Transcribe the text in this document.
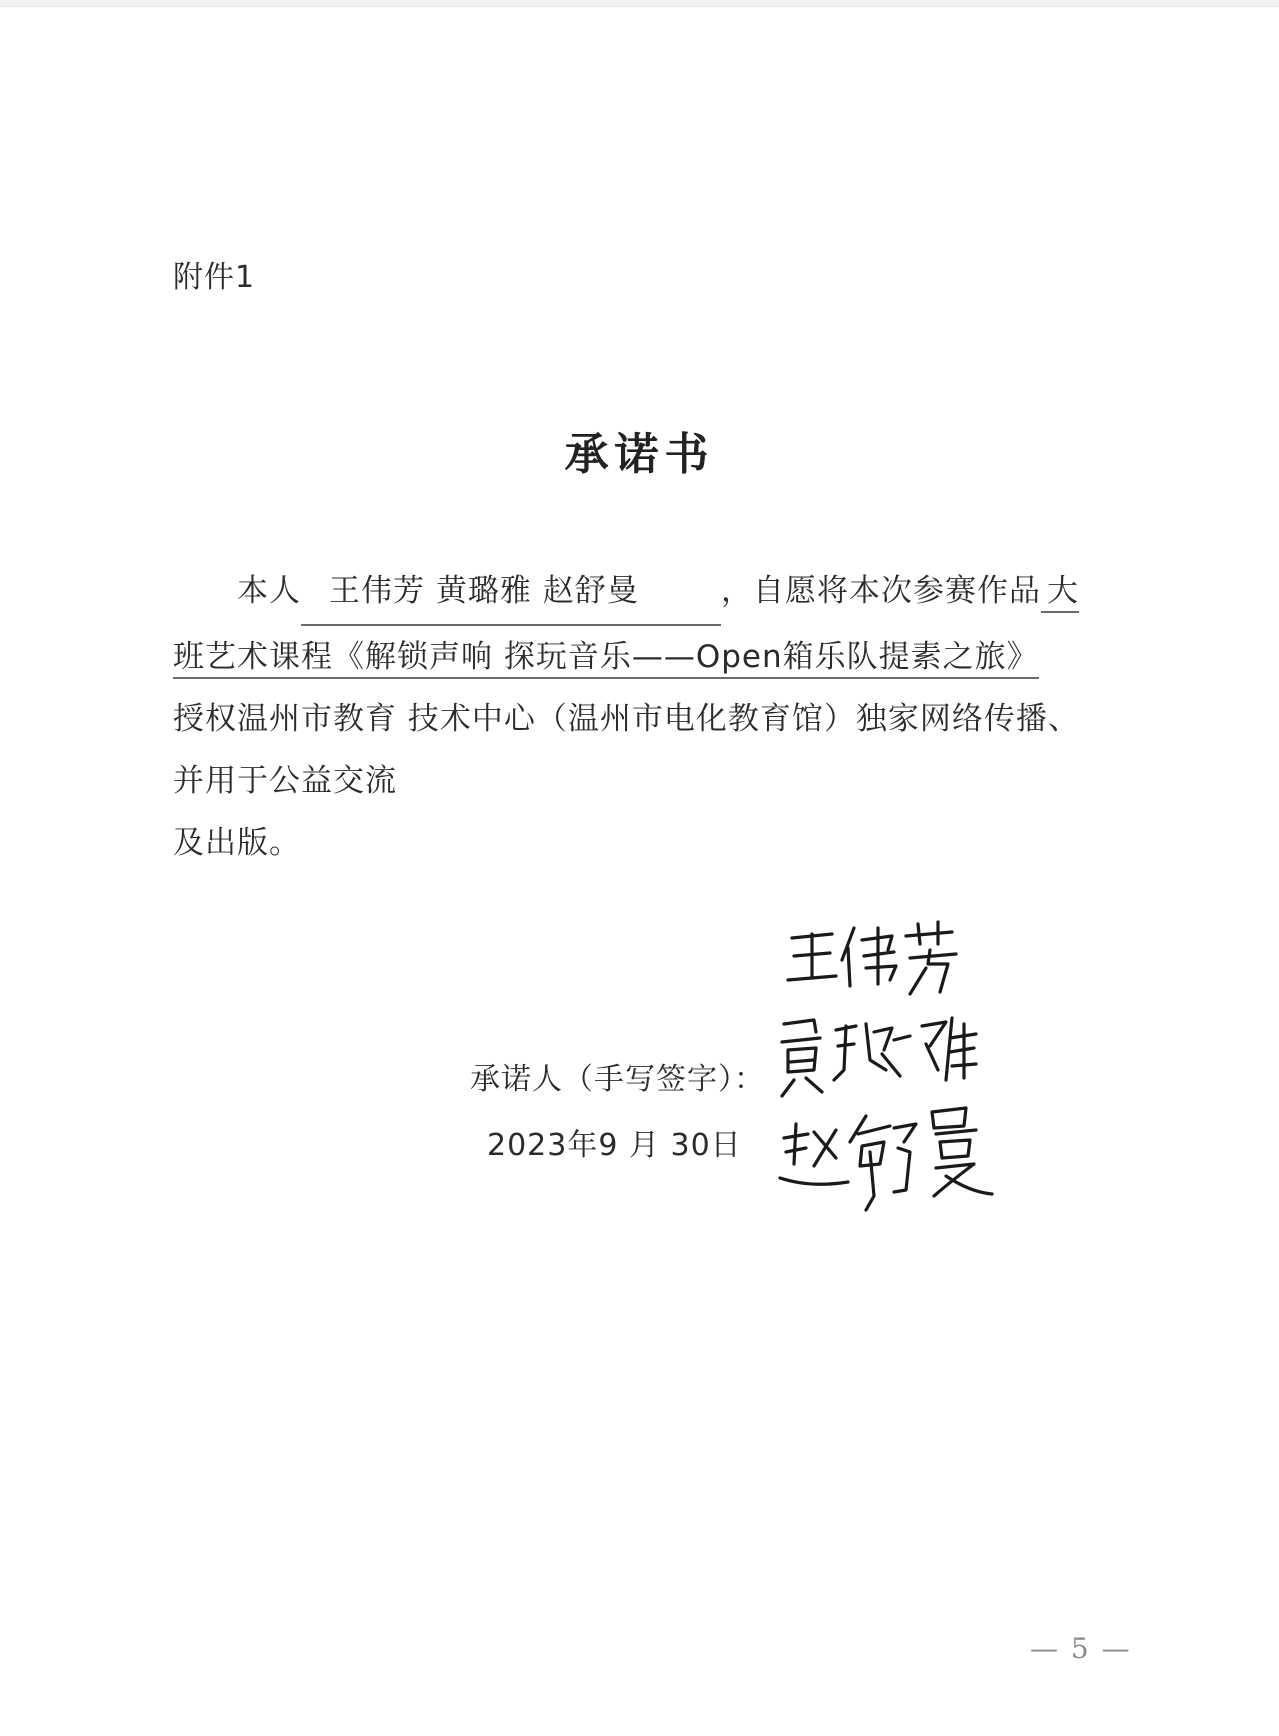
附件1
承诺书
本人 王伟芳 黄璐雅 赵舒曼	，自愿将本次参赛作品 大
班艺术课程《解锁声响 探玩音乐——Open箱乐队提素之旅》
授权温州市教育 技术中心（温州市电化教育馆）独家网络传播、
并用于公益交流
及出版。
承诺人（手写签字）：
2023年9 月 30日
— 5 —
